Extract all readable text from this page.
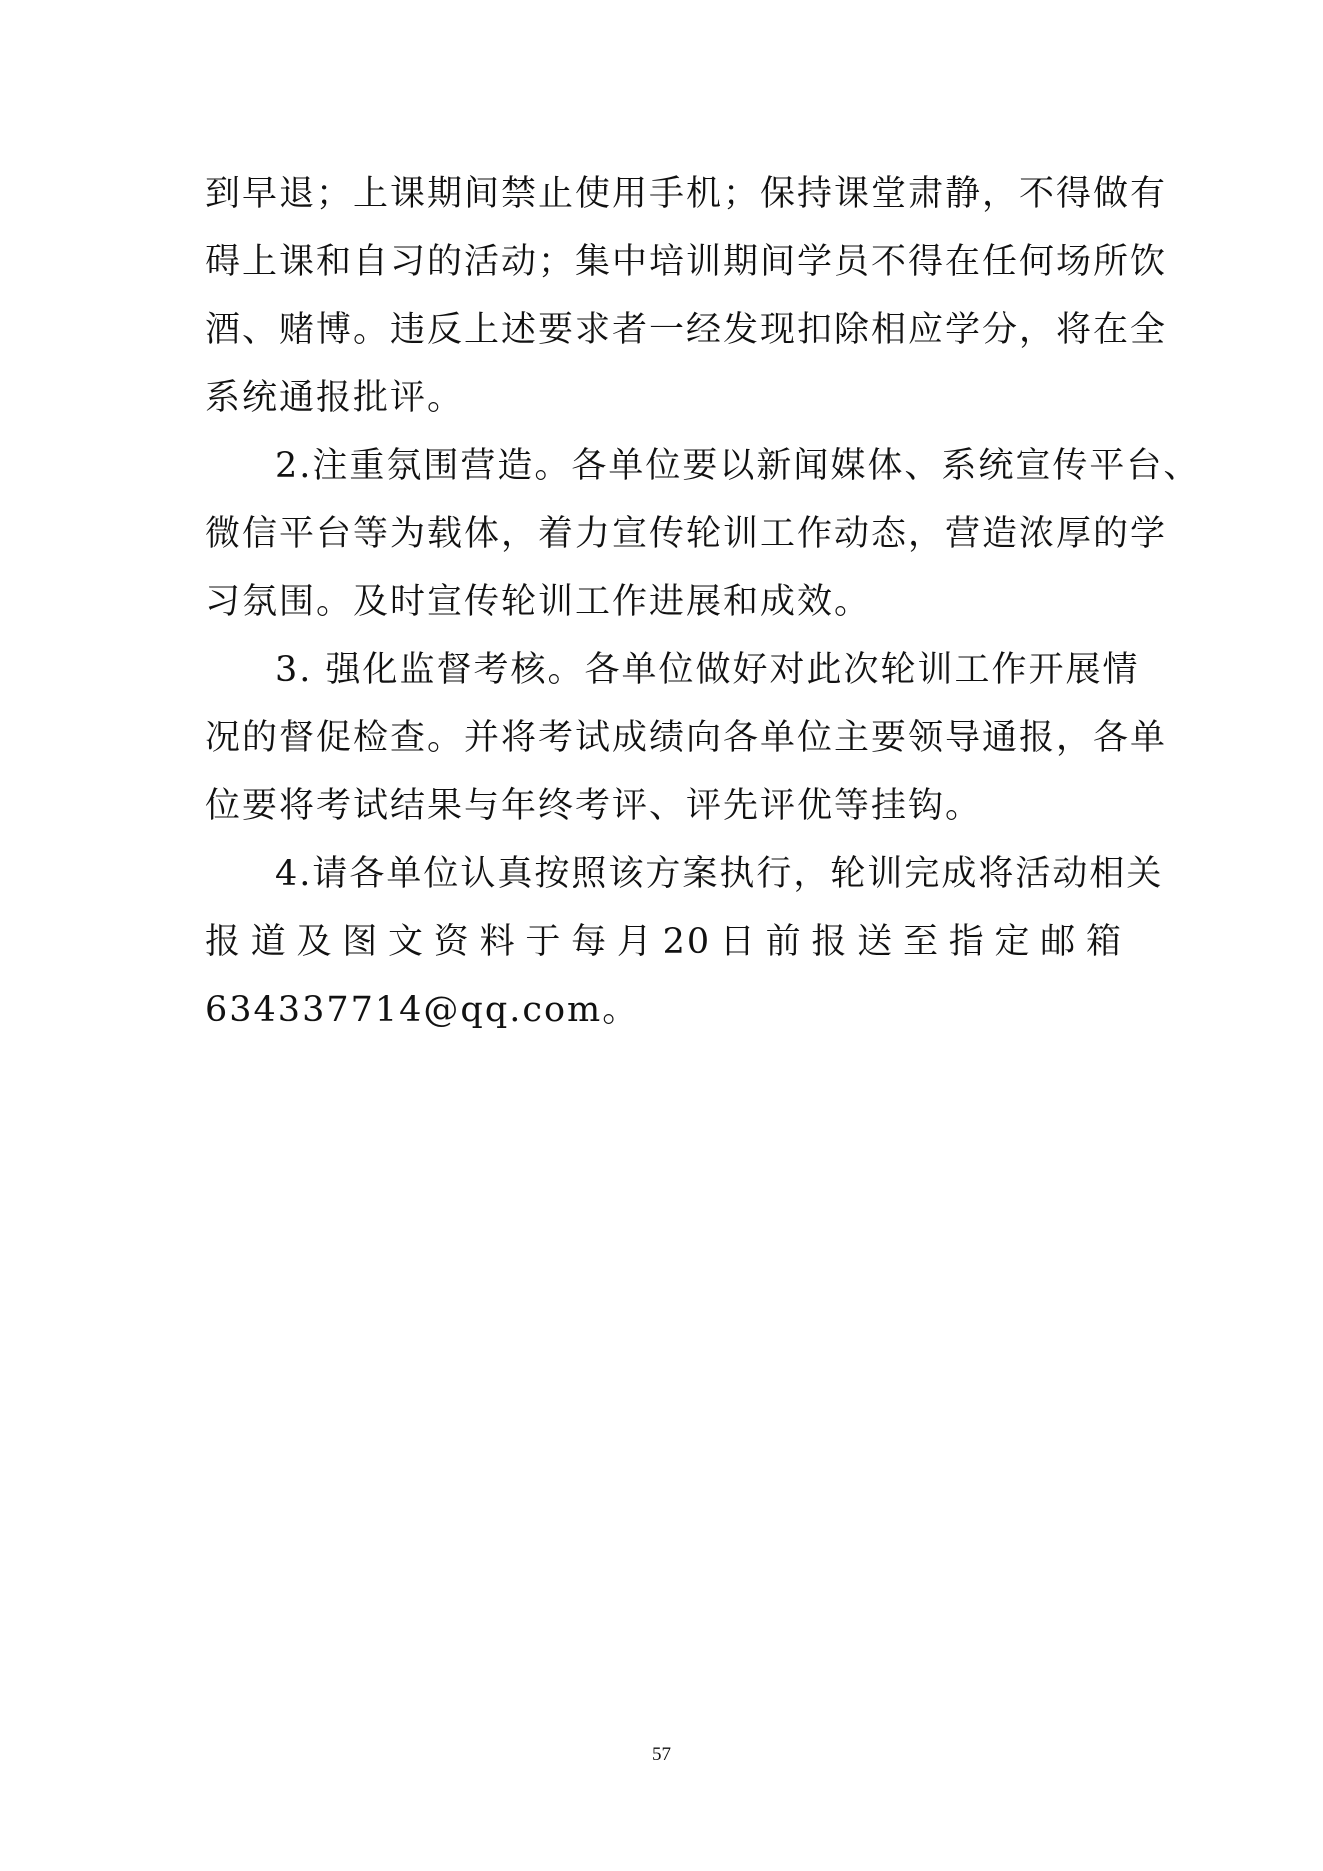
到早退；上课期间禁止使用手机；保持课堂肃静，不得做有
碍上课和自习的活动；集中培训期间学员不得在任何场所饮
酒、赌博。违反上述要求者一经发现扣除相应学分，将在全
系统通报批评。
2.注重氛围营造。各单位要以新闻媒体、系统宣传平台、
微信平台等为载体，着力宣传轮训工作动态，营造浓厚的学
习氛围。及时宣传轮训工作进展和成效。
3. 强化监督考核。各单位做好对此次轮训工作开展情
况的督促检查。并将考试成绩向各单位主要领导通报，各单
位要将考试结果与年终考评、评先评优等挂钩。
4.请各单位认真按照该方案执行，轮训完成将活动相关
报道及图文资料于每月20日前报送至指定邮箱
634337714@qq.com。
57
